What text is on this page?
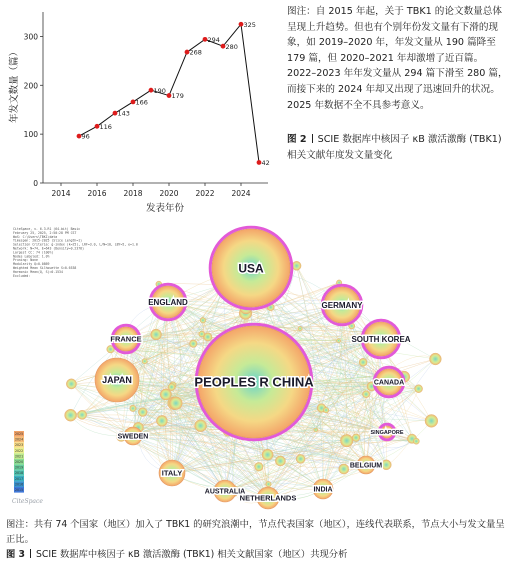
0
100
200
300
2014 2016 2018 2020 2022 2024
96
116
143
166
190
179
268
294
280
325
42
发表年份
年发文数量（篇）
图注：自 2015 年起，关于 TBK1 的论文数量总体呈现上升趋势。但也有个别年份发文量有下滑的现象，如 2019–2020 年，年发文量从 190 篇降至 179 篇，但 2020–2021 年却激增了近百篇。2022–2023 年年发文量从 294 篇下滑至 280 篇，而接下来的 2024 年却又出现了迅速回升的状况。2025 年数据不全不具参考意义。
图 2 SCIE 数据库中核因子 κB 激活激酶 (TBK1) 相关文献年度发文量变化
CiteSpace, v. 6.3.R1 (64-bit) Basic
February 25, 2025, 2:50:28 PM CST
WoS: C:\Users\TBK1\data
Timespan: 2015-2025 (Slice Length=1)
Selection Criteria: g-index (k=25), LRF=3.0, L/N=10, LBY=5, e=1.0
Network: N=74, E=643 (Density=0.2378)
Largest CC: 74 (100%)
Nodes Labeled: 1.0%
Pruning: None
Modularity Q=0.0869
Weighted Mean Silhouette S=0.6538
Harmonic Mean(Q, S)=0.1534
Excluded:
PEOPLES R CHINA
USA
JAPAN
GERMANY
SOUTH KOREA
ENGLAND
FRANCE
CANADA
ITALY
AUSTRALIA
NETHERLANDS
INDIA
BELGIUM
SWEDEN
SINGAPORE
2025
2024
2023
2022
2021
2020
2019
2018
2017
2016
2015
CiteSpace
图注：共有 74 个国家（地区）加入了 TBK1 的研究浪潮中，节点代表国家（地区），连线代表联系，节点大小与发文量呈正比。
图 3 SCIE 数据库中核因子 κB 激活激酶 (TBK1) 相关文献国家（地区）共现分析
